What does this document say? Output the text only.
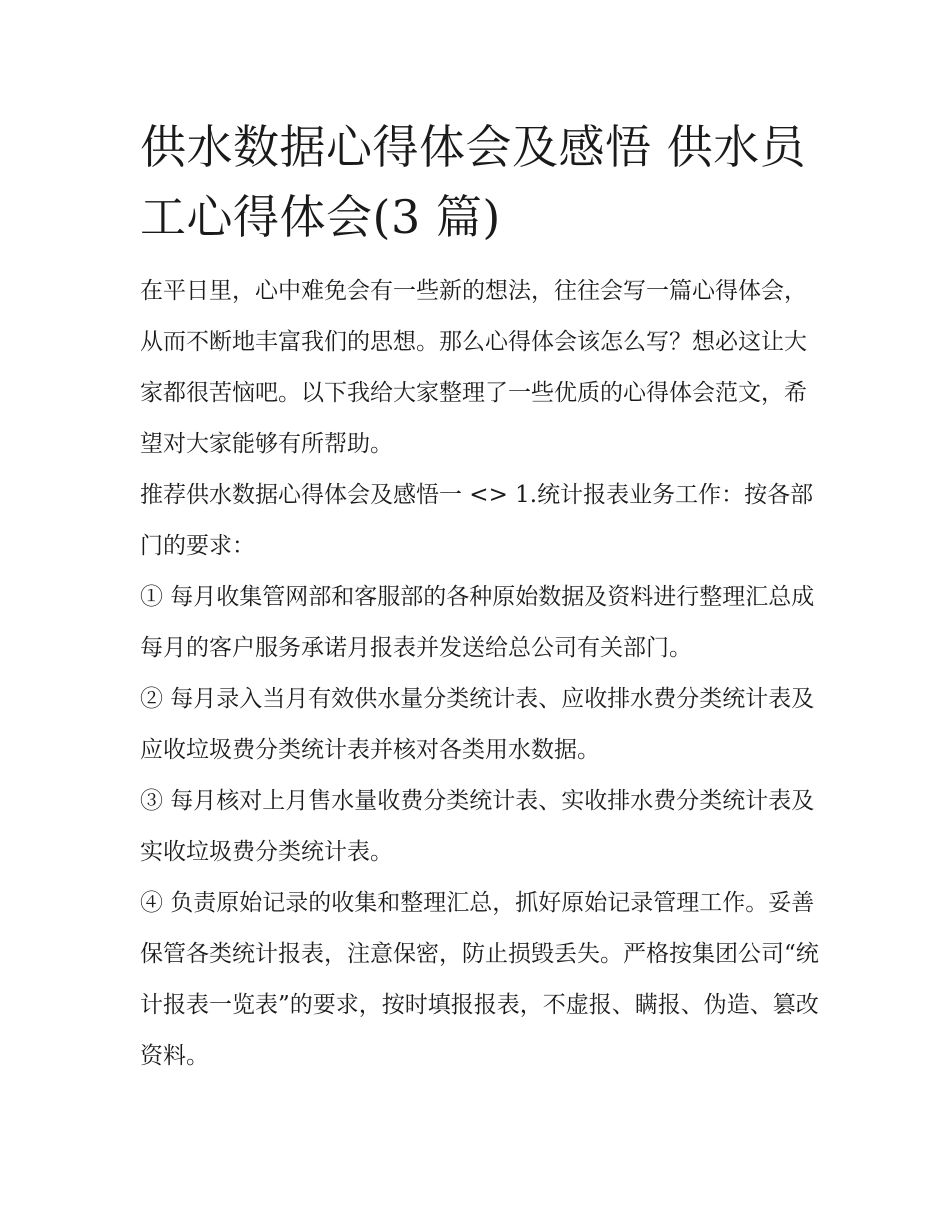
供水数据心得体会及感悟 供水员工心得体会(3 篇)

在平日里，心中难免会有一些新的想法，往往会写一篇心得体会，从而不断地丰富我们的思想。那么心得体会该怎么写？想必这让大家都很苦恼吧。以下我给大家整理了一些优质的心得体会范文，希望对大家能够有所帮助。

推荐供水数据心得体会及感悟一 <> 1.统计报表业务工作：按各部门的要求：

① 每月收集管网部和客服部的各种原始数据及资料进行整理汇总成每月的客户服务承诺月报表并发送给总公司有关部门。

② 每月录入当月有效供水量分类统计表、应收排水费分类统计表及应收垃圾费分类统计表并核对各类用水数据。

③ 每月核对上月售水量收费分类统计表、实收排水费分类统计表及实收垃圾费分类统计表。

④ 负责原始记录的收集和整理汇总，抓好原始记录管理工作。妥善保管各类统计报表，注意保密，防止损毁丢失。严格按集团公司“统计报表一览表”的要求，按时填报报表，不虚报、瞒报、伪造、篡改资料。
